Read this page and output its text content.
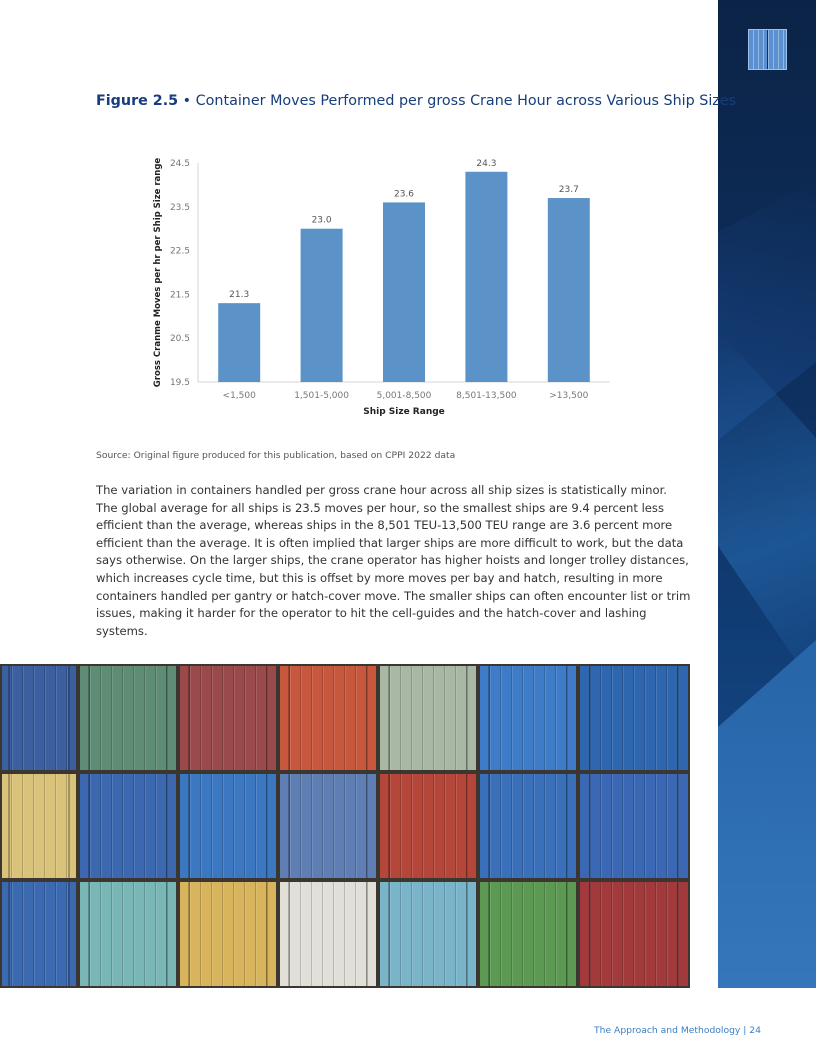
Figure 2.5 • Container Moves Performed per gross Crane Hour across Various Ship Sizes
19.5
20.5
21.5
22.5
23.5
24.5
21.3
<1,500
23.0
1,501-5,000
23.6
5,001-8,500
24.3
8,501-13,500
23.7
>13,500
Ship Size Range
Gross Cranme Moves per hr per Ship Size range
Source: Original figure produced for this publication, based on CPPI 2022 data

The variation in containers handled per gross crane hour across all ship sizes is statistically minor. The global average for all ships is 23.5 moves per hour, so the smallest ships are 9.4 percent less efficient than the average, whereas ships in the 8,501 TEU-13,500 TEU range are 3.6 percent more efficient than the average. It is often implied that larger ships are more difficult to work, but the data says otherwise. On the larger ships, the crane operator has higher hoists and longer trolley distances, which increases cycle time, but this is offset by more moves per bay and hatch, resulting in more containers handled per gantry or hatch-cover move. The smaller ships can often encounter list or trim issues, making it harder for the operator to hit the cell-guides and the hatch-cover and lashing systems.

The Approach and Methodology | 24
